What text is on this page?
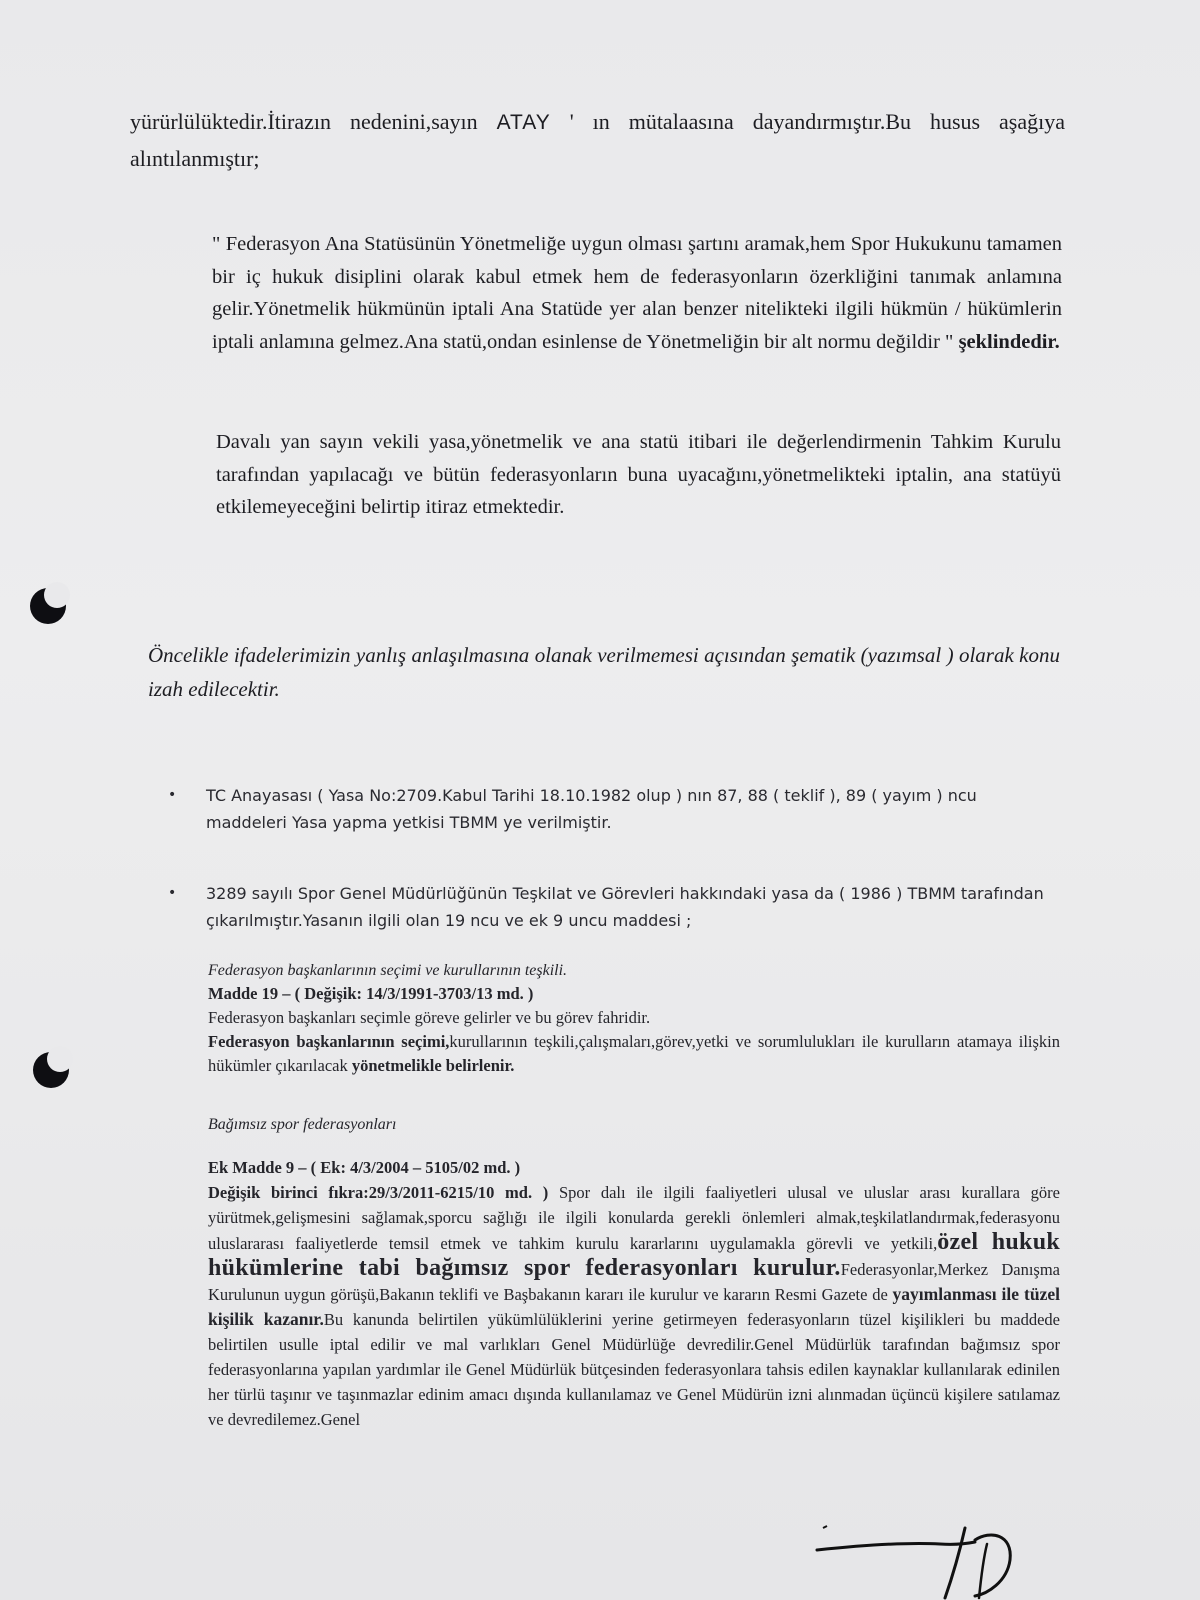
yürürlülüktedir.İtirazın nedenini,sayın ATAY ' ın mütalaasına dayandırmıştır.Bu husus aşağıya alıntılanmıştır;

" Federasyon Ana Statüsünün Yönetmeliğe uygun olması şartını aramak,hem Spor Hukukunu tamamen bir iç hukuk disiplini olarak kabul etmek hem de federasyonların özerkliğini tanımak anlamına gelir.Yönetmelik hükmünün iptali Ana Statüde yer alan benzer nitelikteki ilgili hükmün / hükümlerin iptali anlamına gelmez.Ana statü,ondan esinlense de Yönetmeliğin bir alt normu değildir " şeklindedir.

Davalı yan sayın vekili yasa,yönetmelik ve ana statü itibari ile değerlendirmenin Tahkim Kurulu tarafından yapılacağı ve bütün federasyonların buna uyacağını,yönetmelikteki iptalin, ana statüyü etkilemeyeceğini belirtip itiraz etmektedir.

Öncelikle ifadelerimizin yanlış anlaşılmasına olanak verilmemesi açısından şematik (yazımsal ) olarak konu izah edilecektir.

•	TC Anayasası ( Yasa No:2709.Kabul Tarihi 18.10.1982 olup ) nın 87, 88 ( teklif ), 89 ( yayım ) ncu maddeleri Yasa yapma yetkisi TBMM ye verilmiştir.
•	3289 sayılı Spor Genel Müdürlüğünün Teşkilat ve Görevleri hakkındaki yasa da ( 1986 ) TBMM tarafından çıkarılmıştır.Yasanın ilgili olan 19 ncu ve ek 9 uncu maddesi ;
Federasyon başkanlarının seçimi ve kurullarının teşkili.
Madde 19 – ( Değişik: 14/3/1991-3703/13 md. )
Federasyon başkanları seçimle göreve gelirler ve bu görev fahridir.
Federasyon başkanlarının seçimi,kurullarının teşkili,çalışmaları,görev,yetki ve sorumlulukları ile kurulların atamaya ilişkin hükümler çıkarılacak yönetmelikle belirlenir.
Bağımsız spor federasyonları
Ek Madde 9 – ( Ek: 4/3/2004 – 5105/02 md. )
Değişik birinci fıkra:29/3/2011-6215/10 md. ) Spor dalı ile ilgili faaliyetleri ulusal ve uluslar arası kurallara göre yürütmek,gelişmesini sağlamak,sporcu sağlığı ile ilgili konularda gerekli önlemleri almak,teşkilatlandırmak,federasyonu uluslararası faaliyetlerde temsil etmek ve tahkim kurulu kararlarını uygulamakla görevli ve yetkili,özel hukuk hükümlerine tabi bağımsız spor federasyonları kurulur.Federasyonlar,Merkez Danışma Kurulunun uygun görüşü,Bakanın teklifi ve Başbakanın kararı ile kurulur ve kararın Resmi Gazete de yayımlanması ile tüzel kişilik kazanır.Bu kanunda belirtilen yükümlülüklerini yerine getirmeyen federasyonların tüzel kişilikleri bu maddede belirtilen usulle iptal edilir ve mal varlıkları Genel Müdürlüğe devredilir.Genel Müdürlük tarafından bağımsız spor federasyonlarına yapılan yardımlar ile Genel Müdürlük bütçesinden federasyonlara tahsis edilen kaynaklar kullanılarak edinilen her türlü taşınır ve taşınmazlar edinim amacı dışında kullanılamaz ve Genel Müdürün izni alınmadan üçüncü kişilere satılamaz ve devredilemez.Genel
